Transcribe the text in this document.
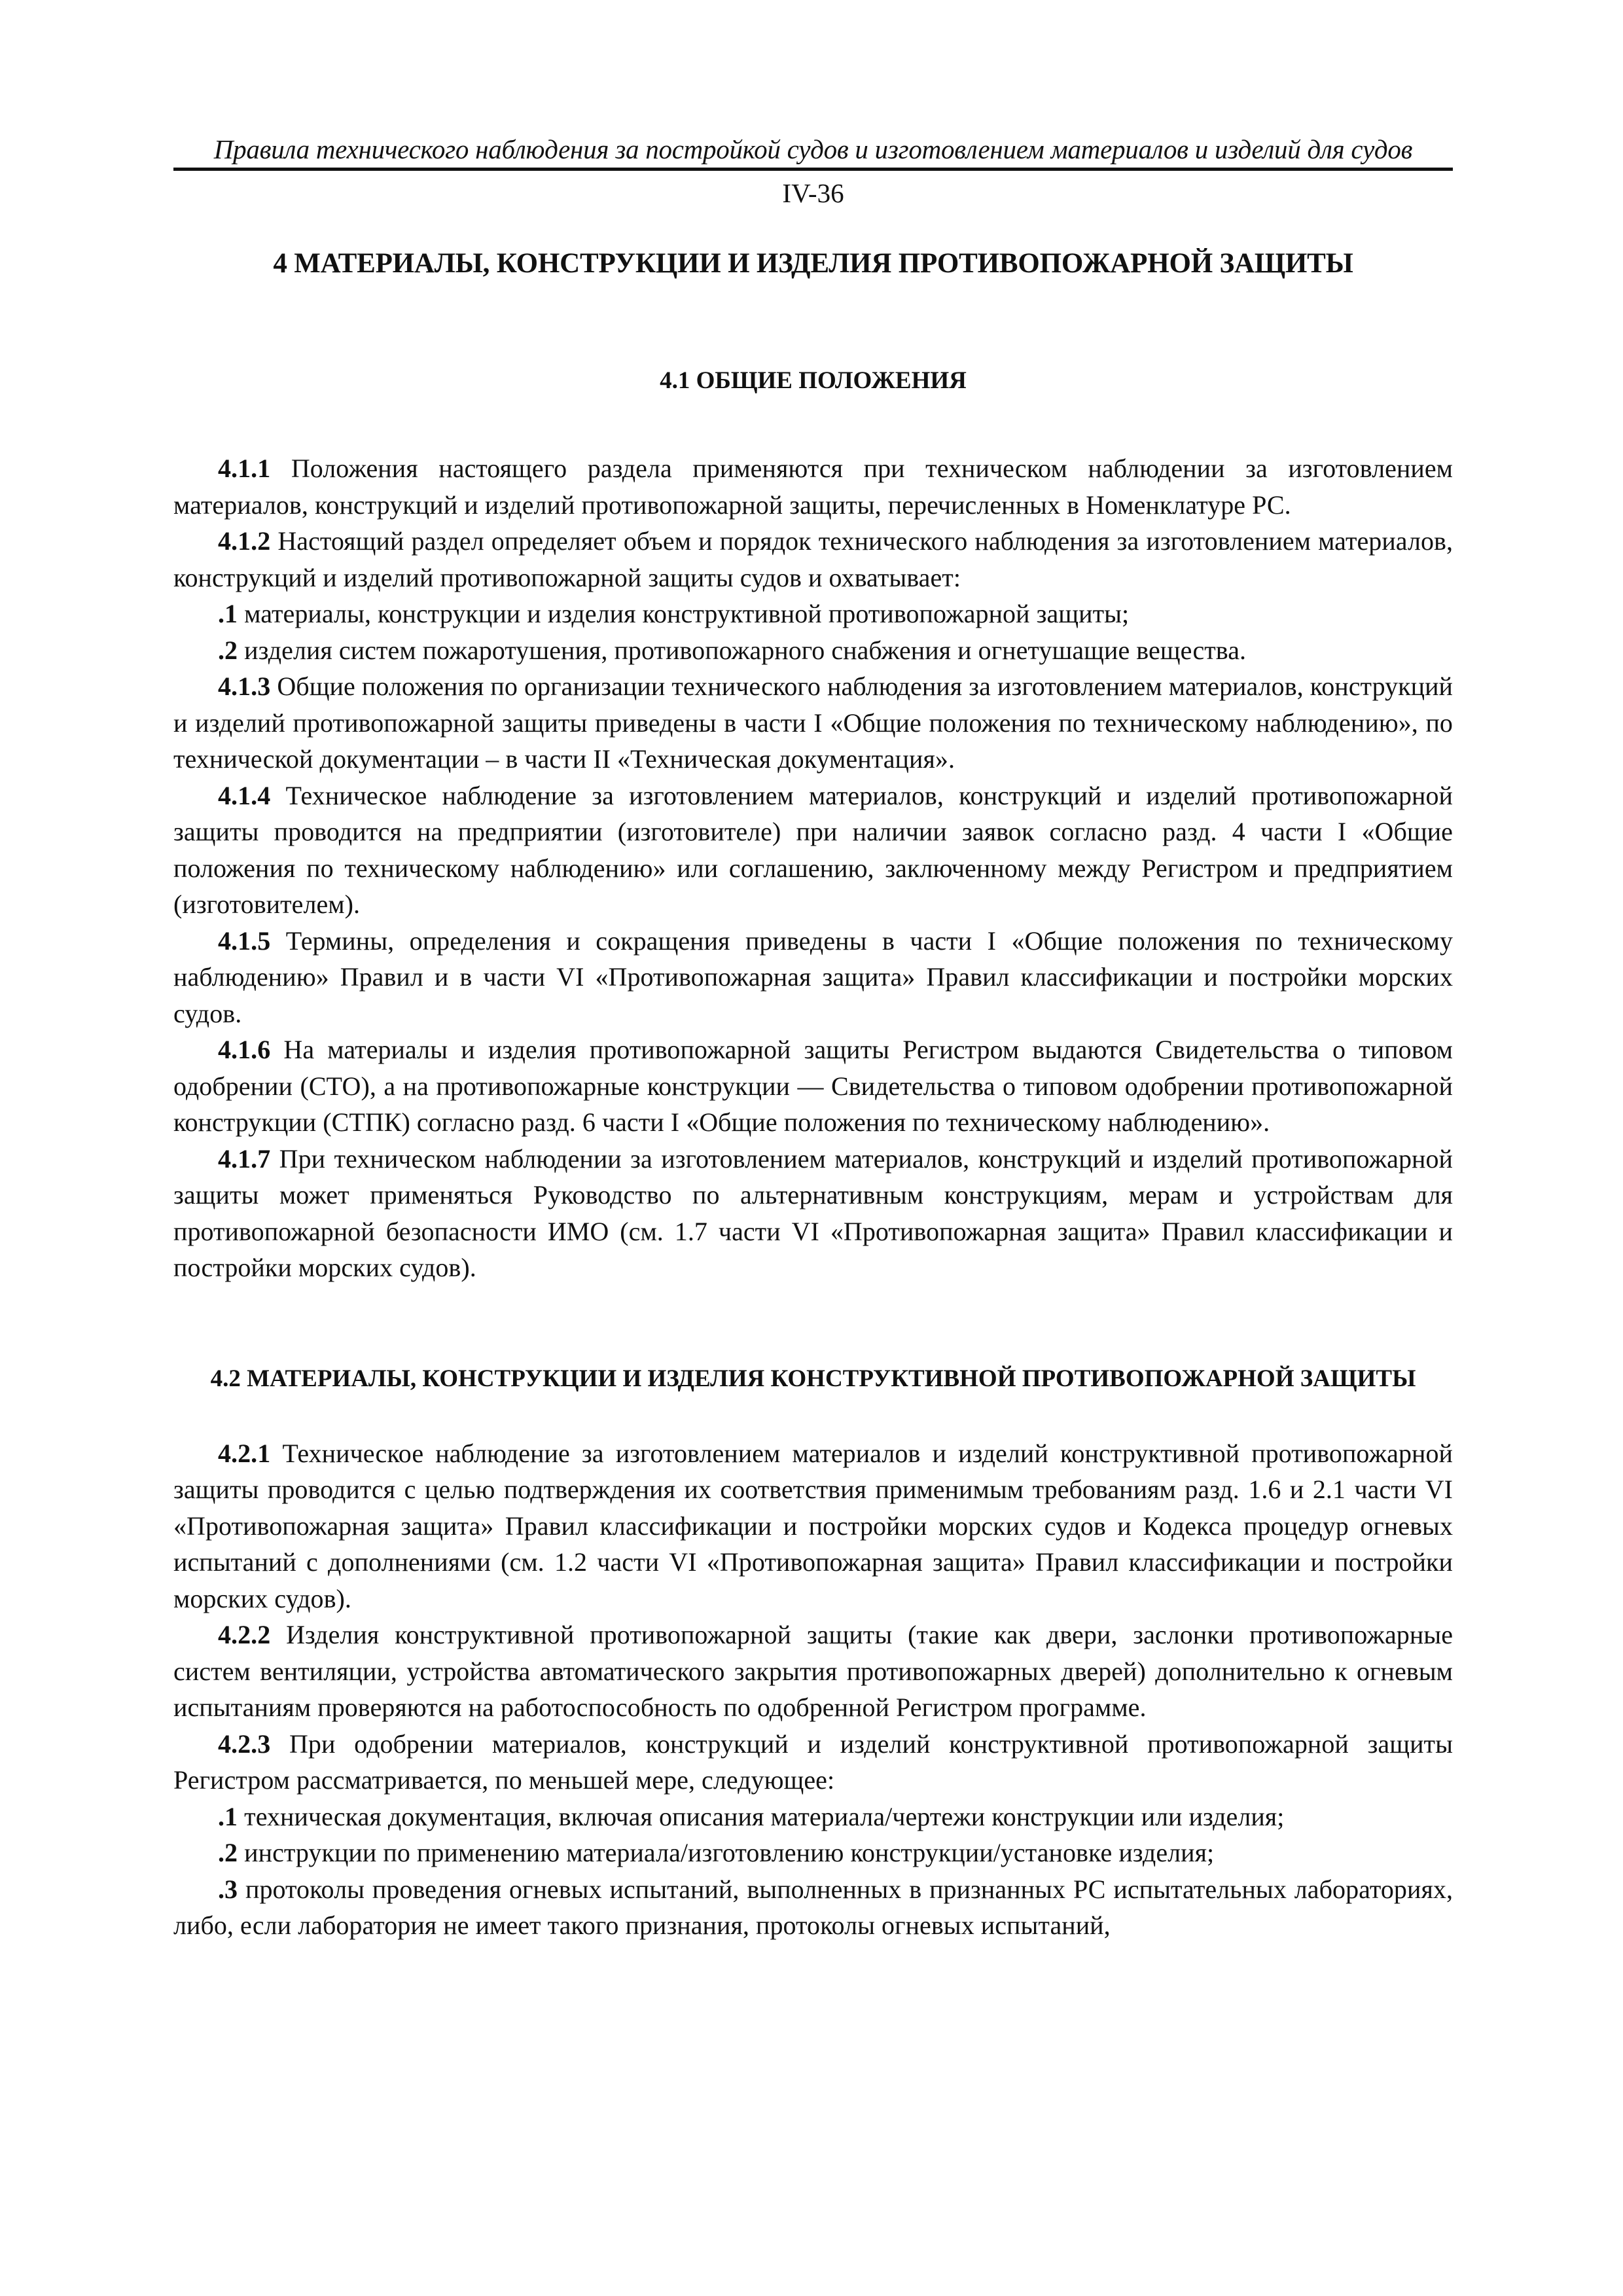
Правила технического наблюдения за постройкой судов и изготовлением материалов и изделий для судов
IV-36
4 МАТЕРИАЛЫ, КОНСТРУКЦИИ И ИЗДЕЛИЯ ПРОТИВОПОЖАРНОЙ ЗАЩИТЫ
4.1 ОБЩИЕ ПОЛОЖЕНИЯ

4.1.1 Положения настоящего раздела применяются при техническом наблюдении за изготовлением материалов, конструкций и изделий противопожарной защиты, перечисленных в Номенклатуре РС.

4.1.2 Настоящий раздел определяет объем и порядок технического наблюдения за изготовлением материалов, конструкций и изделий противопожарной защиты судов и охватывает:

.1 материалы, конструкции и изделия конструктивной противопожарной защиты;

.2 изделия систем пожаротушения, противопожарного снабжения и огнетушащие вещества.

4.1.3 Общие положения по организации технического наблюдения за изготовлением материалов, конструкций и изделий противопожарной защиты приведены в части I «Общие положения по техническому наблюдению», по технической документации – в части II «Техническая документация».

4.1.4 Техническое наблюдение за изготовлением материалов, конструкций и изделий противопожарной защиты проводится на предприятии (изготовителе) при наличии заявок согласно разд. 4 части I «Общие положения по техническому наблюдению» или соглашению, заключенному между Регистром и предприятием (изготовителем).

4.1.5 Термины, определения и сокращения приведены в части I «Общие положения по техническому наблюдению» Правил и в части VI «Противопожарная защита» Правил классификации и постройки морских судов.

4.1.6 На материалы и изделия противопожарной защиты Регистром выдаются Свидетельства о типовом одобрении (СТО), а на противопожарные конструкции — Свидетельства о типовом одобрении противопожарной конструкции (СТПК) согласно разд. 6 части I «Общие положения по техническому наблюдению».

4.1.7 При техническом наблюдении за изготовлением материалов, конструкций и изделий противопожарной защиты может применяться Руководство по альтернативным конструкциям, мерам и устройствам для противопожарной безопасности ИМО (см. 1.7 части VI «Противопожарная защита» Правил классификации и постройки морских судов).

4.2 МАТЕРИАЛЫ, КОНСТРУКЦИИ И ИЗДЕЛИЯ КОНСТРУКТИВНОЙ ПРОТИВОПОЖАРНОЙ ЗАЩИТЫ

4.2.1 Техническое наблюдение за изготовлением материалов и изделий конструктивной противопожарной защиты проводится с целью подтверждения их соответствия применимым требованиям разд. 1.6 и 2.1 части VI «Противопожарная защита» Правил классификации и постройки морских судов и Кодекса процедур огневых испытаний с дополнениями (см. 1.2 части VI «Противопожарная защита» Правил классификации и постройки морских судов).

4.2.2 Изделия конструктивной противопожарной защиты (такие как двери, заслонки противопожарные систем вентиляции, устройства автоматического закрытия противопожарных дверей) дополнительно к огневым испытаниям проверяются на работоспособность по одобренной Регистром программе.

4.2.3 При одобрении материалов, конструкций и изделий конструктивной противопожарной защиты Регистром рассматривается, по меньшей мере, следующее:

.1 техническая документация, включая описания материала/чертежи конструкции или изделия;

.2 инструкции по применению материала/изготовлению конструкции/установке изделия;

.3 протоколы проведения огневых испытаний, выполненных в признанных РС испытательных лабораториях, либо, если лаборатория не имеет такого признания, протоколы огневых испытаний,
